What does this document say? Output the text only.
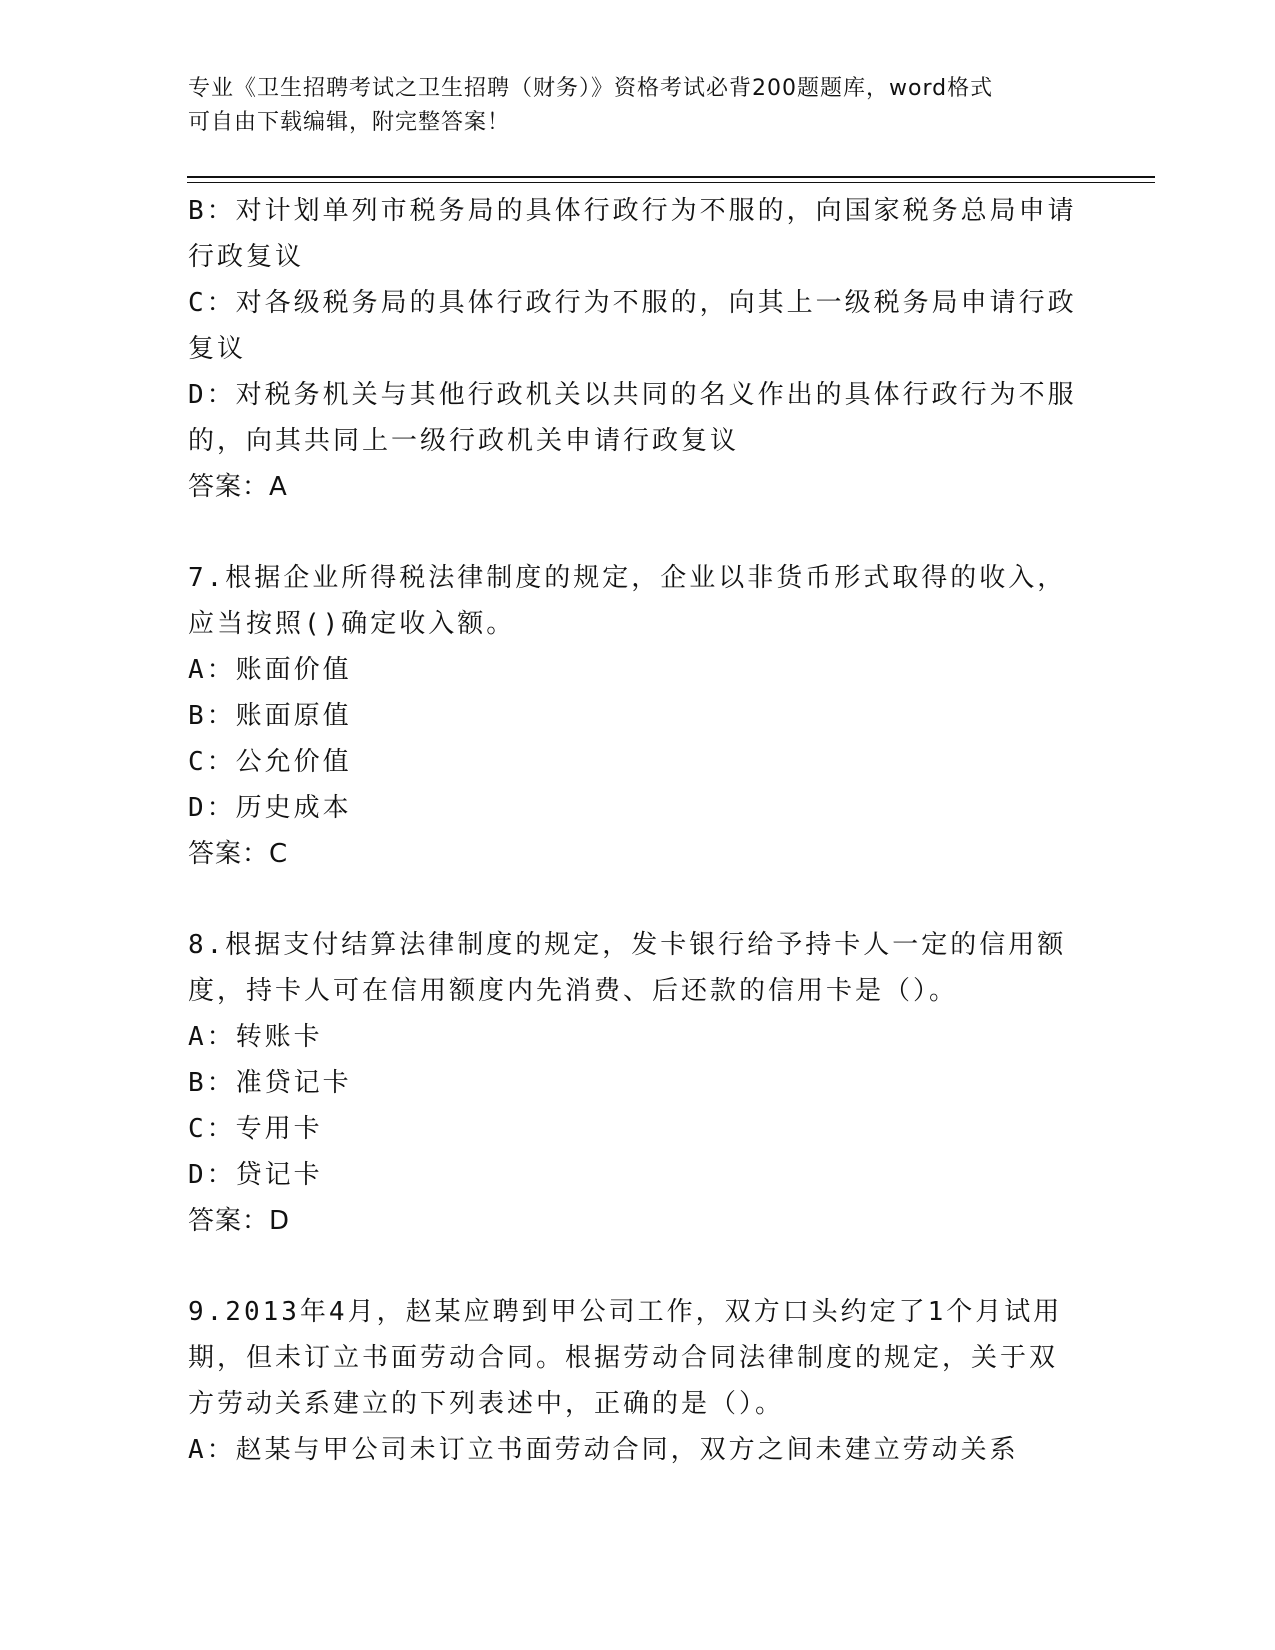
专业《卫生招聘考试之卫生招聘（财务）》资格考试必背200题题库，word格式
可自由下载编辑，附完整答案！
B：对计划单列市税务局的具体行政行为不服的，向国家税务总局申请
行政复议
C：对各级税务局的具体行政行为不服的，向其上一级税务局申请行政
复议
D：对税务机关与其他行政机关以共同的名义作出的具体行政行为不服
的，向其共同上一级行政机关申请行政复议
答案：A
7.根据企业所得税法律制度的规定，企业以非货币形式取得的收入，
应当按照()确定收入额。
A：账面价值
B：账面原值
C：公允价值
D：历史成本
答案：C
8.根据支付结算法律制度的规定，发卡银行给予持卡人一定的信用额
度，持卡人可在信用额度内先消费、后还款的信用卡是（）。
A：转账卡
B：准贷记卡
C：专用卡
D：贷记卡
答案：D
9.2013年4月，赵某应聘到甲公司工作，双方口头约定了1个月试用
期，但未订立书面劳动合同。根据劳动合同法律制度的规定，关于双
方劳动关系建立的下列表述中，正确的是（）。
A：赵某与甲公司未订立书面劳动合同，双方之间未建立劳动关系
